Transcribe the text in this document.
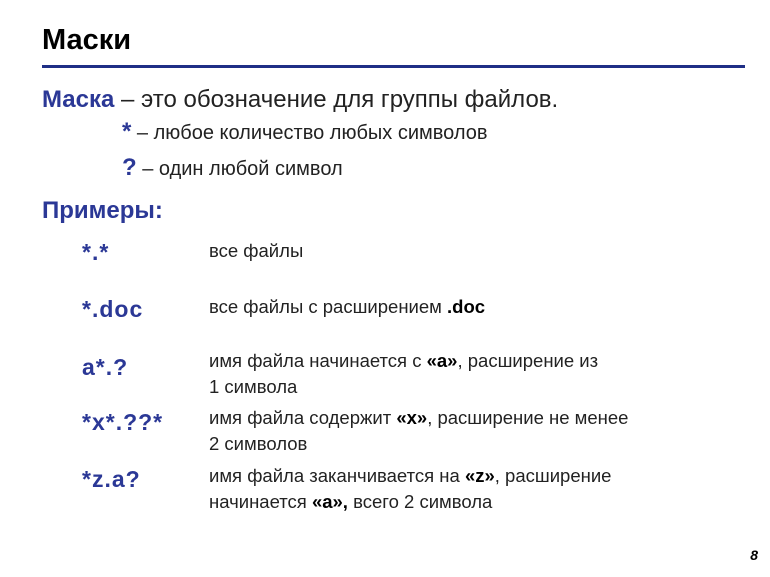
Маски
Маска – это обозначение для группы файлов.
* – любое количество любых символов
? – один любой символ
Примеры:
*.*	все файлы
*.doc	все файлы с расширением .doc
a*.?	имя файла начинается с «a», расширение из
1 символа
*x*.??* имя файла содержит «x», расширение не менее
2 символов
*z.a?	имя файла заканчивается на «z», расширение
начинается «a», всего 2 символа
8
